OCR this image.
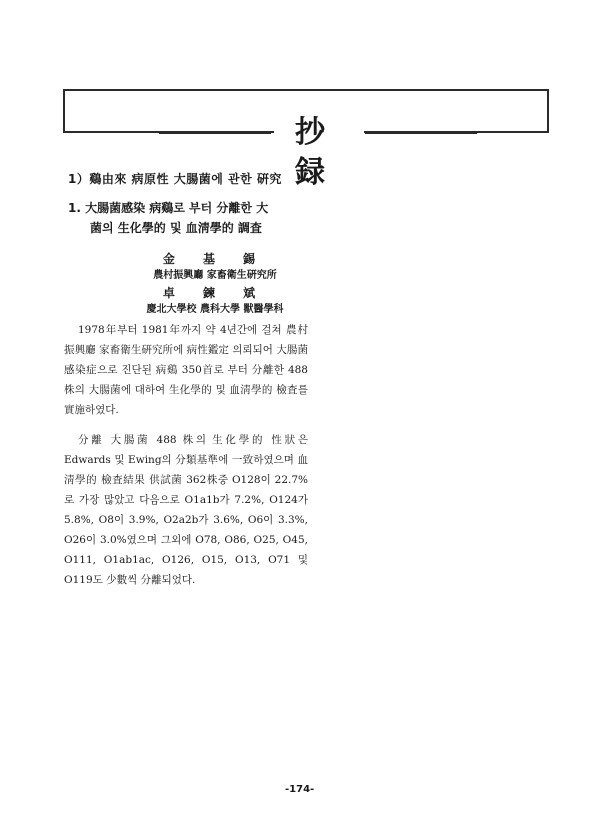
抄 録
1）鷄由來 病原性 大腸菌에 관한 硏究
1. 大腸菌感染 病鷄로 부터 分離한 大
菌의 生化學的 및 血淸學的 調査
金 基 錫
農村振興廳 家畜衛生硏究所
卓 鍊 斌
慶北大學校 農科大學 獸醫學科

1978年부터 1981年까지 약 4년간에 걸쳐 農村振興廳 家畜衛生硏究所에 病性鑑定 의뢰되어 大腸菌感染症으로 진단된 病鷄 350首로 부터 分離한 488 株의 大腸菌에 대하여 生化學的 및 血淸學的 檢査를 實施하였다.

分離 大腸菌 488 株의 生化學的 性狀은 Edwards 및 Ewing의 分類基準에 一致하였으며 血淸學的 檢査結果 供試菌 362株중 O128이 22.7%로 가장 많았고 다음으로 O1a1b가 7.2%, O124가 5.8%, O8이 3.9%, O2a2b가 3.6%, O6이 3.3%, O26이 3.0%였으며 그외에 O78, O86, O25, O45, O111, O1ab1ac, O126, O15, O13, O71 및 O119도 少數씩 分離되었다.

-174-
